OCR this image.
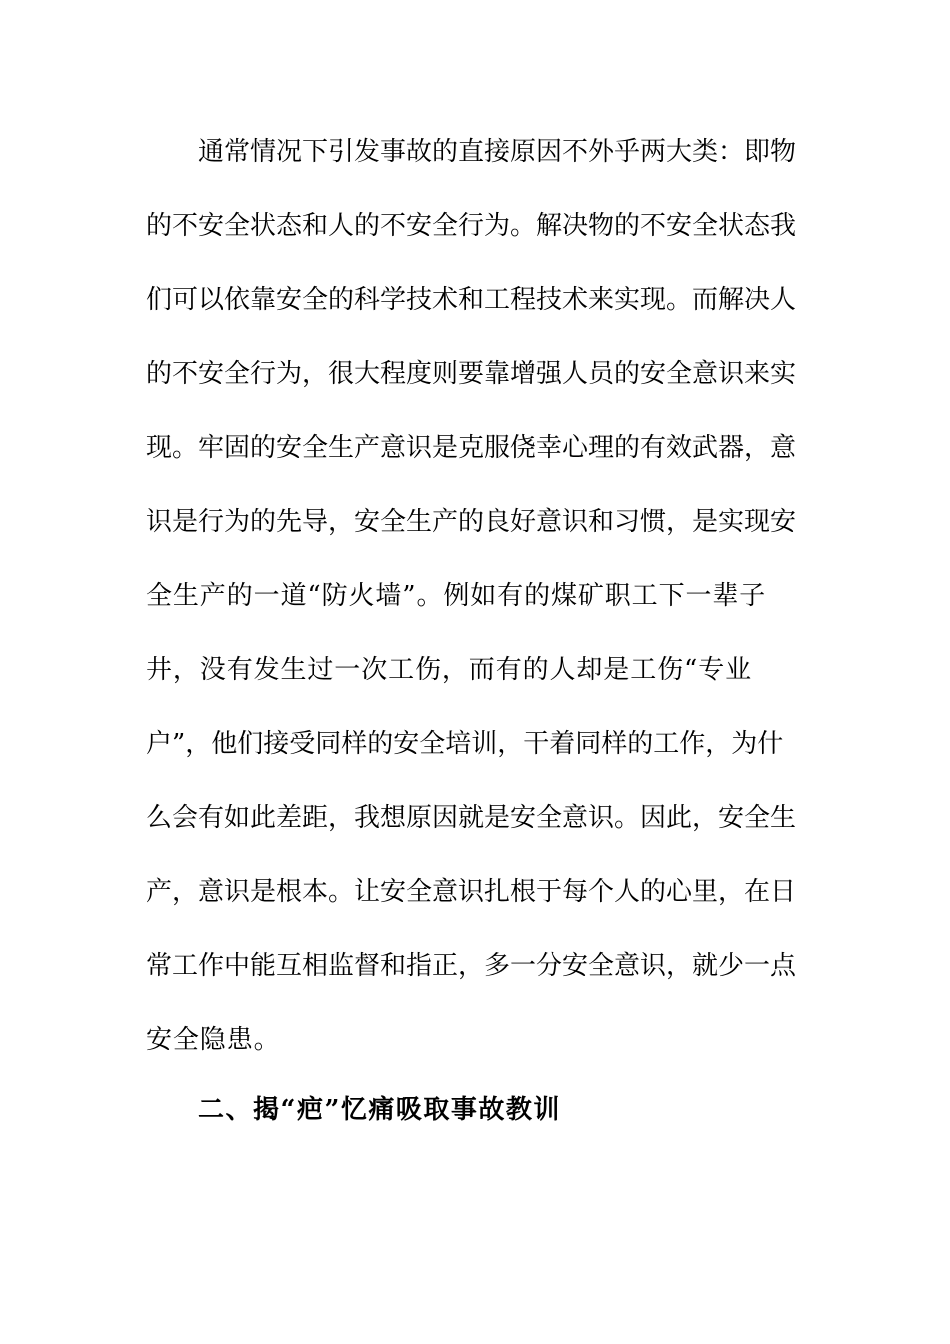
通常情况下引发事故的直接原因不外乎两大类：即物
的不安全状态和人的不安全行为。解决物的不安全状态我
们可以依靠安全的科学技术和工程技术来实现。而解决人
的不安全行为，很大程度则要靠增强人员的安全意识来实
现。牢固的安全生产意识是克服侥幸心理的有效武器，意
识是行为的先导，安全生产的良好意识和习惯，是实现安
全生产的一道“防火墙”。例如有的煤矿职工下一辈子
井，没有发生过一次工伤，而有的人却是工伤“专业
户”，他们接受同样的安全培训，干着同样的工作，为什
么会有如此差距，我想原因就是安全意识。因此，安全生
产，意识是根本。让安全意识扎根于每个人的心里，在日
常工作中能互相监督和指正，多一分安全意识，就少一点
安全隐患。
二、揭“疤”忆痛吸取事故教训
